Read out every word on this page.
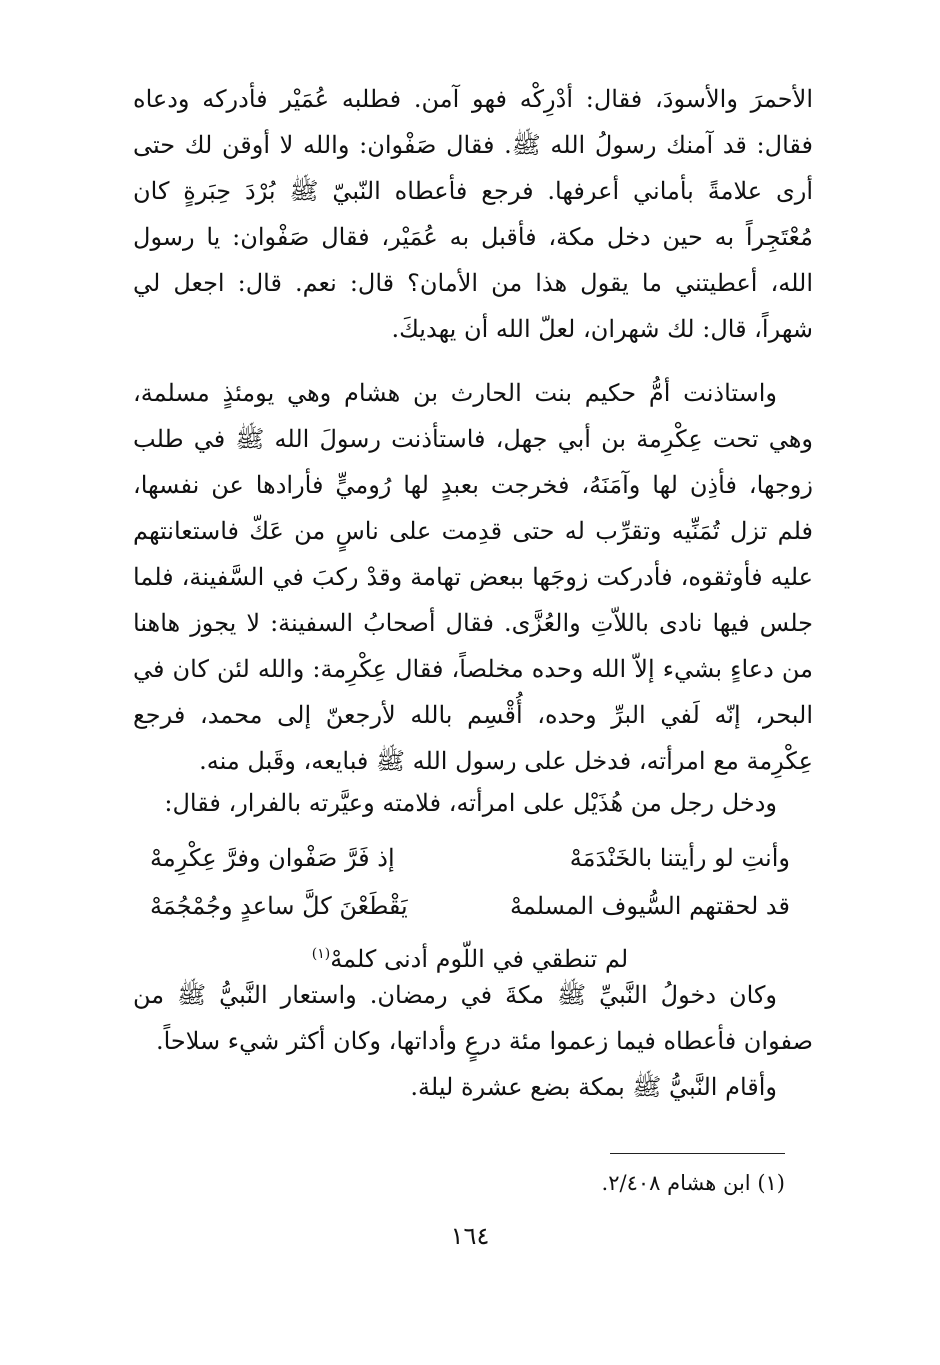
الأحمرَ والأسودَ، فقال: أدْرِكْه فهو آمن. فطلبه عُمَيْر فأدركه ودعاه فقال: قد آمنك رسولُ الله ﷺ. فقال صَفْوان: والله لا أوقن لك حتى أرى علامةً بأماني أعرفها. فرجع فأعطاه النّبيّ ﷺ بُرْدَ حِبَرةٍ كان مُعْتَجِراً به حين دخل مكة، فأقبل به عُمَيْر، فقال صَفْوان: يا رسول الله، أعطيتني ما يقول هذا من الأمان؟ قال: نعم. قال: اجعل لي شهراً، قال: لك شهران، لعلّ الله أن يهديكَ.

واستاذنت أمُّ حكيم بنت الحارث بن هشام وهي يومئذٍ مسلمة، وهي تحت عِكْرِمة بن أبي جهل، فاستأذنت رسولَ الله ﷺ في طلب زوجها، فأذِن لها وآمَنَهُ، فخرجت بعبدٍ لها رُوميٍّ فأرادها عن نفسها، فلم تزل تُمَنِّيه وتقرِّب له حتى قدِمت على ناسٍ من عَكّ فاستعانتهم عليه فأوثقوه، فأدركت زوجَها ببعض تهامة وقدْ ركبَ في السَّفينة، فلما جلس فيها نادى باللاّتِ والعُزَّى. فقال أصحابُ السفينة: لا يجوز هاهنا من دعاءٍ بشيء إلاّ الله وحده مخلصاً، فقال عِكْرِمة: والله لئن كان في البحر، إنّه لَفي البرِّ وحده، أُقْسِم بالله لأرجعنّ إلى محمد، فرجع عِكْرِمة مع امرأته، فدخل على رسول الله ﷺ فبايعه، وقَبل منه.

ودخل رجل من هُذَيْل على امرأته، فلامته وعيَّرته بالفرار، فقال:

وأنتِ لو رأيتنا بالخَنْدَمَهْ
إذ فَرَّ صَفْوان وفرَّ عِكْرِمهْ
قد لحقتهم السُّيوف المسلمهْ
يَقْطَعْنَ كلَّ ساعدٍ وجُمْجُمَهْ
لم تنطقي في اللّوم أدنى كلمهْ$^{(١)}$

وكان دخولُ النَّبيِّ ﷺ مكةَ في رمضان. واستعار النَّبيُّ ﷺ من صفوان فأعطاه فيما زعموا مئة درعٍ وأداتها، وكان أكثر شيء سلاحاً.

وأقام النَّبيُّ ﷺ بمكة بضع عشرة ليلة.

(١) ابن هشام ٢/٤٠٨.
١٦٤
